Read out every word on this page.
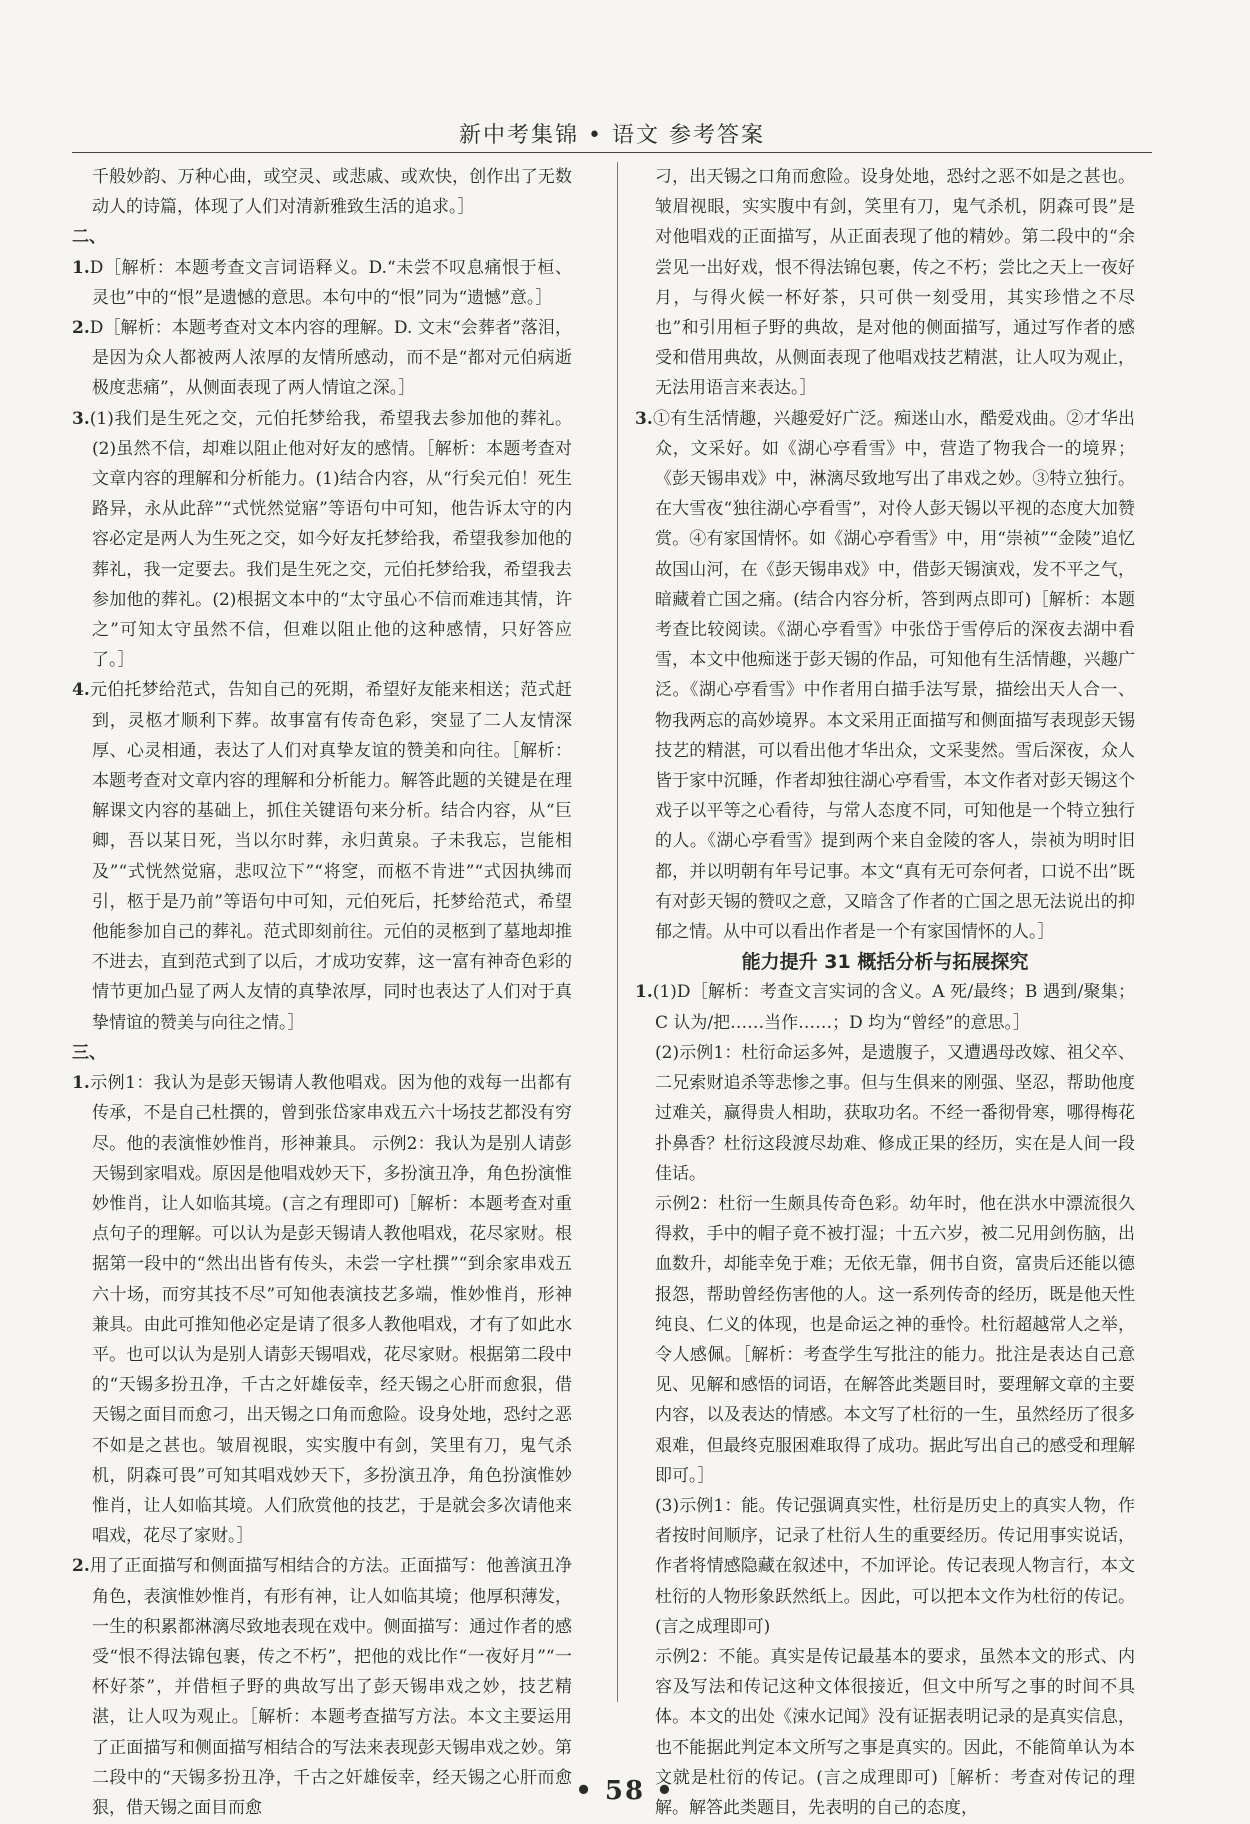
新中考集锦 • 语文 参考答案

千般妙韵、万种心曲，或空灵、或悲戚、或欢快，创作出了无数动人的诗篇，体现了人们对清新雅致生活的追求。］

二、

1.D［解析：本题考查文言词语释义。D.“未尝不叹息痛恨于桓、灵也”中的“恨”是遗憾的意思。本句中的“恨”同为“遗憾”意。］

2.D［解析：本题考查对文本内容的理解。D. 文末“会葬者”落泪，是因为众人都被两人浓厚的友情所感动，而不是“都对元伯病逝极度悲痛”，从侧面表现了两人情谊之深。］

3.(1)我们是生死之交，元伯托梦给我，希望我去参加他的葬礼。(2)虽然不信，却难以阻止他对好友的感情。［解析：本题考查对文章内容的理解和分析能力。(1)结合内容，从“行矣元伯！死生路异，永从此辞”“式恍然觉寤”等语句中可知，他告诉太守的内容必定是两人为生死之交，如今好友托梦给我，希望我参加他的葬礼，我一定要去。我们是生死之交，元伯托梦给我，希望我去参加他的葬礼。(2)根据文本中的“太守虽心不信而难违其情，许之”可知太守虽然不信，但难以阻止他的这种感情，只好答应了。］

4.元伯托梦给范式，告知自己的死期，希望好友能来相送；范式赶到，灵柩才顺利下葬。故事富有传奇色彩，突显了二人友情深厚、心灵相通，表达了人们对真挚友谊的赞美和向往。［解析：本题考查对文章内容的理解和分析能力。解答此题的关键是在理解课文内容的基础上，抓住关键语句来分析。结合内容，从“巨卿，吾以某日死，当以尔时葬，永归黄泉。子未我忘，岂能相及”“式恍然觉寤，悲叹泣下”“将窆，而柩不肯进”“式因执绋而引，柩于是乃前”等语句中可知，元伯死后，托梦给范式，希望他能参加自己的葬礼。范式即刻前往。元伯的灵柩到了墓地却推不进去，直到范式到了以后，才成功安葬，这一富有神奇色彩的情节更加凸显了两人友情的真挚浓厚，同时也表达了人们对于真挚情谊的赞美与向往之情。］

三、

1.示例1：我认为是彭天锡请人教他唱戏。因为他的戏每一出都有传承，不是自己杜撰的，曾到张岱家串戏五六十场技艺都没有穷尽。他的表演惟妙惟肖，形神兼具。 示例2：我认为是别人请彭天锡到家唱戏。原因是他唱戏妙天下，多扮演丑净，角色扮演惟妙惟肖，让人如临其境。(言之有理即可)［解析：本题考查对重点句子的理解。可以认为是彭天锡请人教他唱戏，花尽家财。根据第一段中的“然出出皆有传头，未尝一字杜撰”“到余家串戏五六十场，而穷其技不尽”可知他表演技艺多端，惟妙惟肖，形神兼具。由此可推知他必定是请了很多人教他唱戏，才有了如此水平。也可以认为是别人请彭天锡唱戏，花尽家财。根据第二段中的“天锡多扮丑净，千古之奸雄佞幸，经天锡之心肝而愈狠，借天锡之面目而愈刁，出天锡之口角而愈险。设身处地，恐纣之恶不如是之甚也。皱眉视眼，实实腹中有剑，笑里有刀，鬼气杀机，阴森可畏”可知其唱戏妙天下，多扮演丑净，角色扮演惟妙惟肖，让人如临其境。人们欣赏他的技艺，于是就会多次请他来唱戏，花尽了家财。］

2.用了正面描写和侧面描写相结合的方法。正面描写：他善演丑净角色，表演惟妙惟肖，有形有神，让人如临其境；他厚积薄发，一生的积累都淋漓尽致地表现在戏中。侧面描写：通过作者的感受“恨不得法锦包裹，传之不朽”，把他的戏比作“一夜好月”“一杯好茶”，并借桓子野的典故写出了彭天锡串戏之妙，技艺精湛，让人叹为观止。［解析：本题考查描写方法。本文主要运用了正面描写和侧面描写相结合的写法来表现彭天锡串戏之妙。第二段中的“天锡多扮丑净，千古之奸雄佞幸，经天锡之心肝而愈狠，借天锡之面目而愈

刁，出天锡之口角而愈险。设身处地，恐纣之恶不如是之甚也。皱眉视眼，实实腹中有剑，笑里有刀，鬼气杀机，阴森可畏”是对他唱戏的正面描写，从正面表现了他的精妙。第二段中的“余尝见一出好戏，恨不得法锦包裹，传之不朽；尝比之天上一夜好月，与得火候一杯好茶，只可供一刻受用，其实珍惜之不尽也”和引用桓子野的典故，是对他的侧面描写，通过写作者的感受和借用典故，从侧面表现了他唱戏技艺精湛，让人叹为观止，无法用语言来表达。］

3.①有生活情趣，兴趣爱好广泛。痴迷山水，酷爱戏曲。②才华出众，文采好。如《湖心亭看雪》中，营造了物我合一的境界；《彭天锡串戏》中，淋漓尽致地写出了串戏之妙。③特立独行。在大雪夜“独往湖心亭看雪”，对伶人彭天锡以平视的态度大加赞赏。④有家国情怀。如《湖心亭看雪》中，用“崇祯”“金陵”追忆故国山河，在《彭天锡串戏》中，借彭天锡演戏，发不平之气，暗藏着亡国之痛。(结合内容分析，答到两点即可)［解析：本题考查比较阅读。《湖心亭看雪》中张岱于雪停后的深夜去湖中看雪，本文中他痴迷于彭天锡的作品，可知他有生活情趣，兴趣广泛。《湖心亭看雪》中作者用白描手法写景，描绘出天人合一、物我两忘的高妙境界。本文采用正面描写和侧面描写表现彭天锡技艺的精湛，可以看出他才华出众，文采斐然。雪后深夜，众人皆于家中沉睡，作者却独往湖心亭看雪，本文作者对彭天锡这个戏子以平等之心看待，与常人态度不同，可知他是一个特立独行的人。《湖心亭看雪》提到两个来自金陵的客人，崇祯为明时旧都，并以明朝有年号记事。本文“真有无可奈何者，口说不出”既有对彭天锡的赞叹之意，又暗含了作者的亡国之思无法说出的抑郁之情。从中可以看出作者是一个有家国情怀的人。］

能力提升 31 概括分析与拓展探究

1.(1)D［解析：考查文言实词的含义。A 死/最终；B 遇到/聚集；C 认为/把……当作……；D 均为“曾经”的意思。］

(2)示例1：杜衍命运多舛，是遗腹子，又遭遇母改嫁、祖父卒、二兄索财追杀等悲惨之事。但与生俱来的刚强、坚忍，帮助他度过难关，赢得贵人相助，获取功名。不经一番彻骨寒，哪得梅花扑鼻香？杜衍这段渡尽劫难、修成正果的经历，实在是人间一段佳话。

示例2：杜衍一生颇具传奇色彩。幼年时，他在洪水中漂流很久得救，手中的帽子竟不被打湿；十五六岁，被二兄用剑伤脑，出血数升，却能幸免于难；无依无靠，佣书自资，富贵后还能以德报怨，帮助曾经伤害他的人。这一系列传奇的经历，既是他天性纯良、仁义的体现，也是命运之神的垂怜。杜衍超越常人之举，令人感佩。［解析：考查学生写批注的能力。批注是表达自己意见、见解和感悟的词语，在解答此类题目时，要理解文章的主要内容，以及表达的情感。本文写了杜衍的一生，虽然经历了很多艰难，但最终克服困难取得了成功。据此写出自己的感受和理解即可。］

(3)示例1：能。传记强调真实性，杜衍是历史上的真实人物，作者按时间顺序，记录了杜衍人生的重要经历。传记用事实说话，作者将情感隐藏在叙述中，不加评论。传记表现人物言行，本文杜衍的人物形象跃然纸上。因此，可以把本文作为杜衍的传记。(言之成理即可)

示例2：不能。真实是传记最基本的要求，虽然本文的形式、内容及写法和传记这种文体很接近，但文中所写之事的时间不具体。本文的出处《涑水记闻》没有证据表明记录的是真实信息，也不能据此判定本文所写之事是真实的。因此，不能简单认为本文就是杜衍的传记。(言之成理即可)［解析：考查对传记的理解。解答此类题目，先表明的自己的态度，

• 58 •
